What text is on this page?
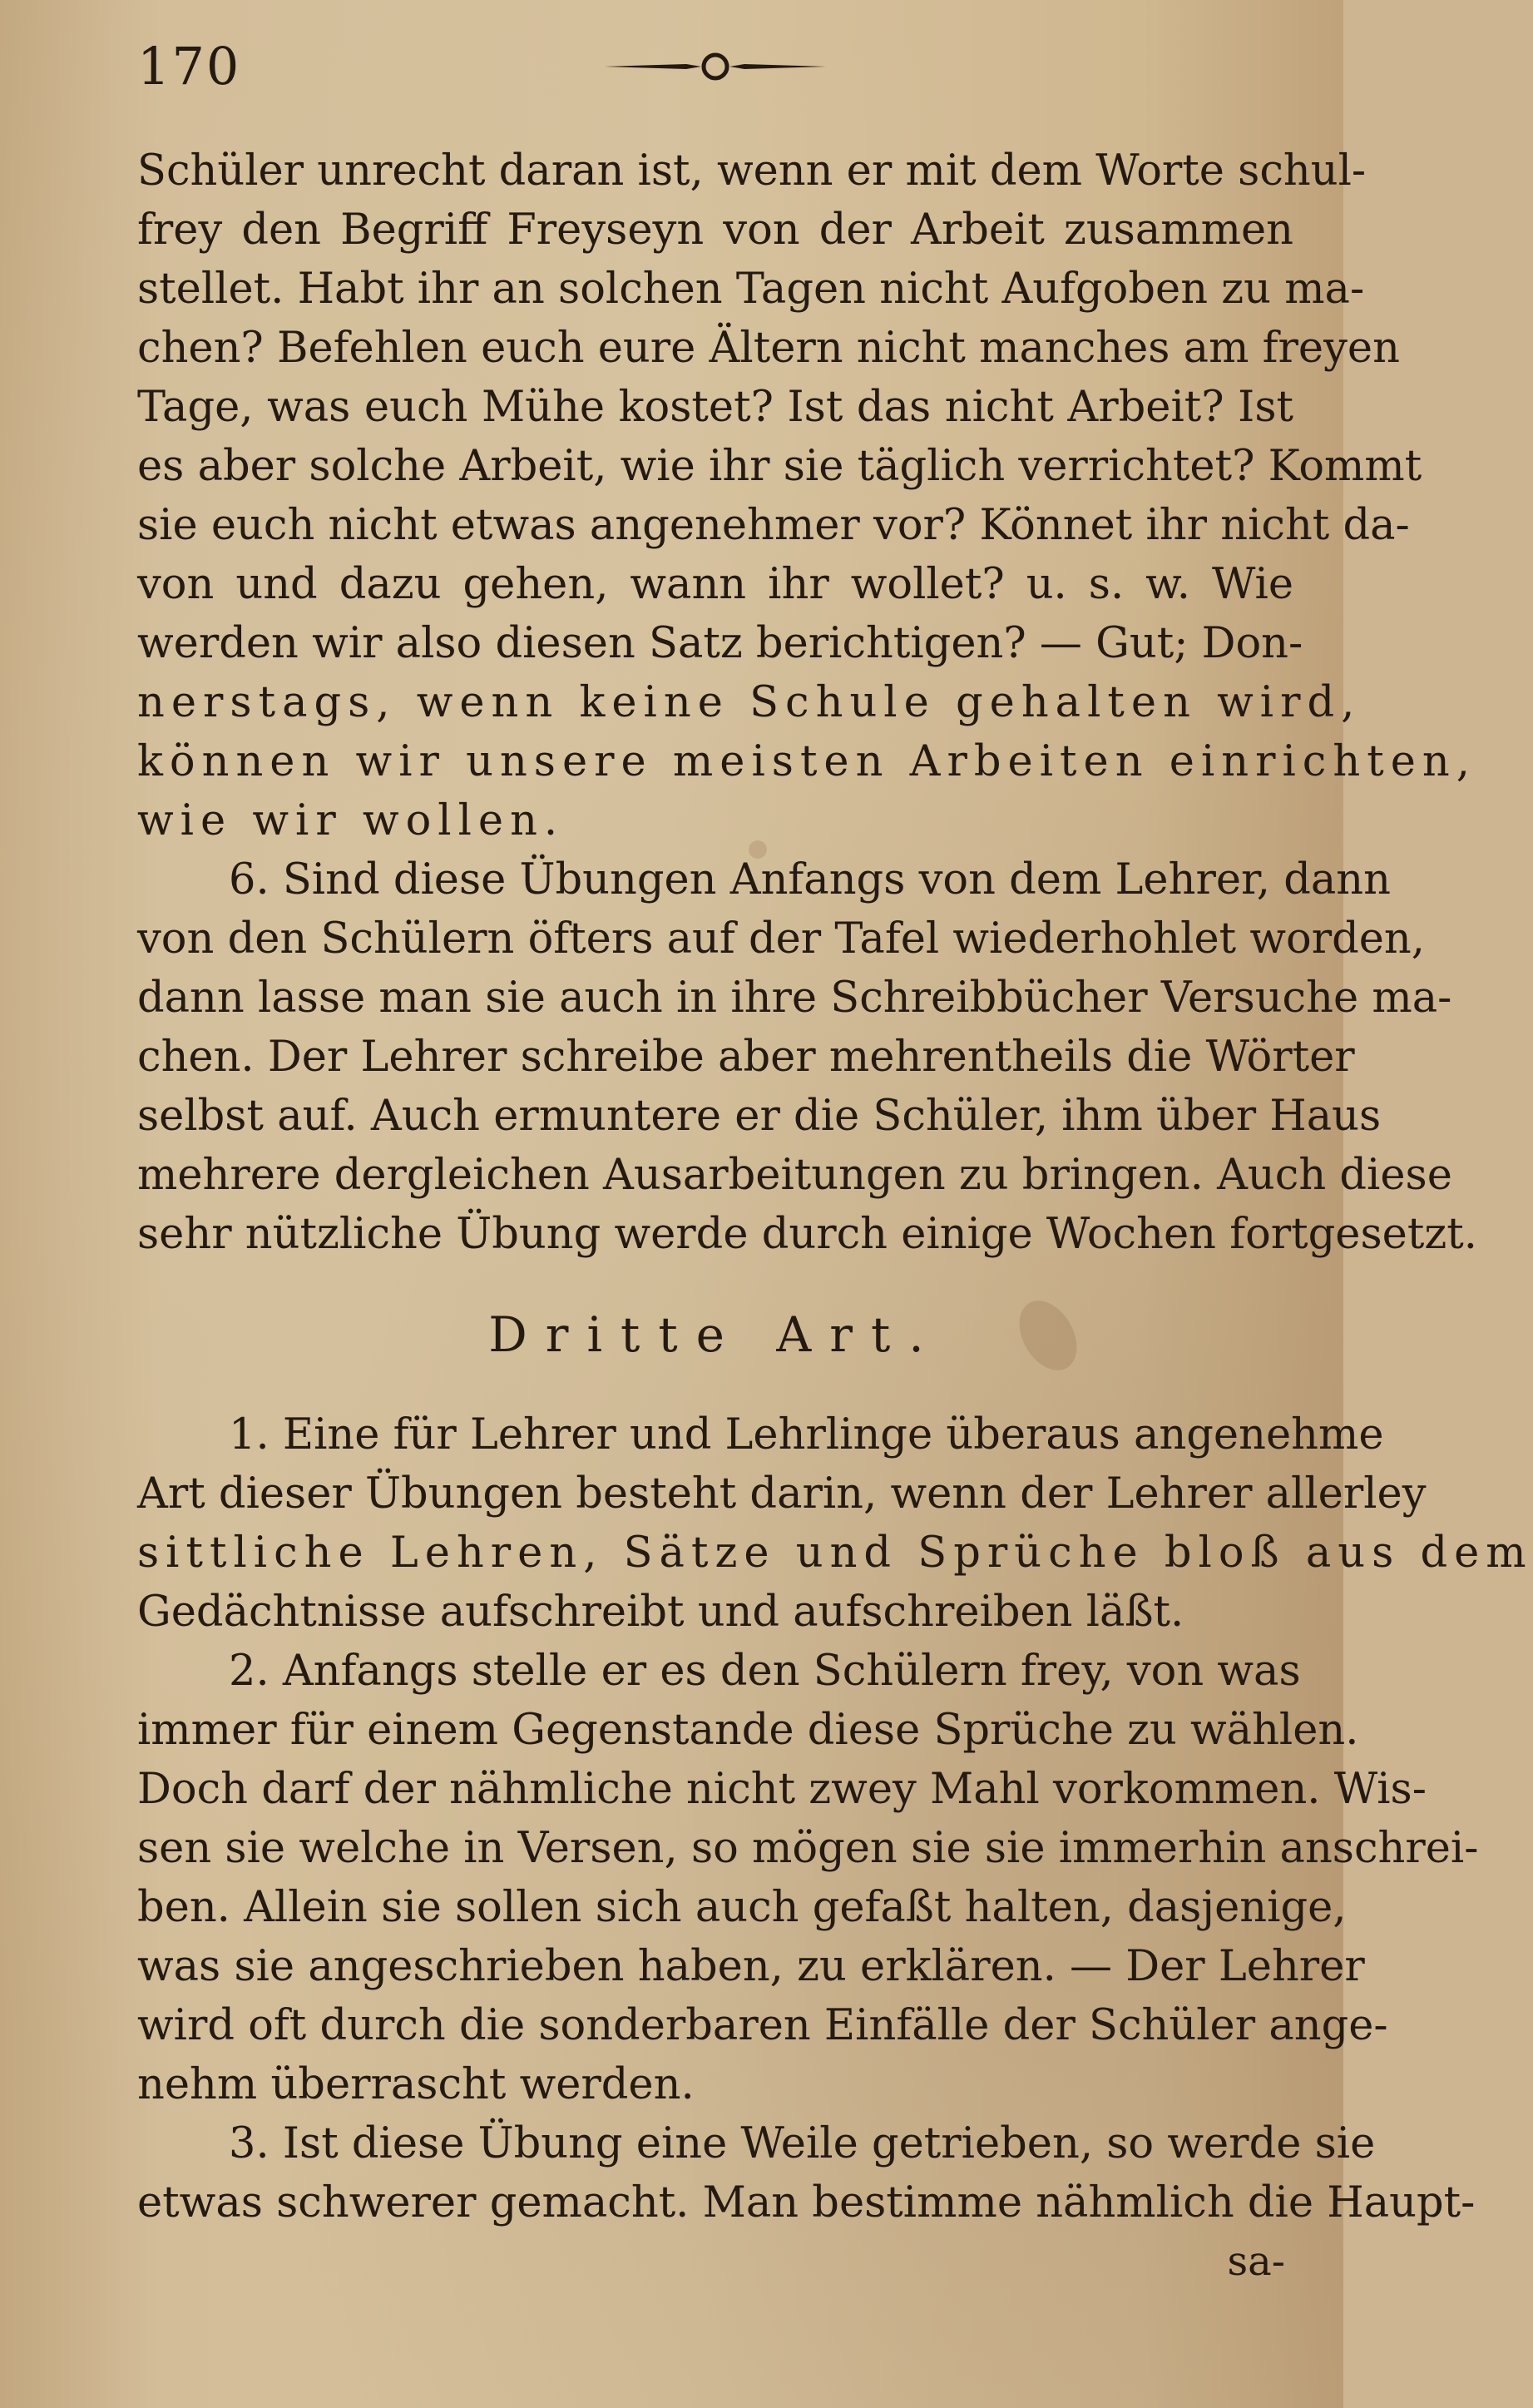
170
Schüler unrecht daran ist, wenn er mit dem Worte schul-
frey den Begriff Freyseyn von der Arbeit zusammen
stellet. Habt ihr an solchen Tagen nicht Aufgoben zu ma-
chen? Befehlen euch eure Ältern nicht manches am freyen
Tage, was euch Mühe kostet? Ist das nicht Arbeit? Ist
es aber solche Arbeit, wie ihr sie täglich verrichtet? Kommt
sie euch nicht etwas angenehmer vor? Könnet ihr nicht da-
von und dazu gehen, wann ihr wollet? u. s. w. Wie
werden wir also diesen Satz berichtigen? — Gut; Don-
nerstags, wenn keine Schule gehalten wird,
können wir unsere meisten Arbeiten einrichten,
wie wir wollen.
6. Sind diese Übungen Anfangs von dem Lehrer, dann
von den Schülern öfters auf der Tafel wiederhohlet worden,
dann lasse man sie auch in ihre Schreibbücher Versuche ma-
chen. Der Lehrer schreibe aber mehrentheils die Wörter
selbst auf. Auch ermuntere er die Schüler, ihm über Haus
mehrere dergleichen Ausarbeitungen zu bringen. Auch diese
sehr nützliche Übung werde durch einige Wochen fortgesetzt.
Dritte Art.
1. Eine für Lehrer und Lehrlinge überaus angenehme
Art dieser Übungen besteht darin, wenn der Lehrer allerley
sittliche Lehren, Sätze und Sprüche bloß aus dem
Gedächtnisse aufschreibt und aufschreiben läßt.
2. Anfangs stelle er es den Schülern frey, von was
immer für einem Gegenstande diese Sprüche zu wählen.
Doch darf der nähmliche nicht zwey Mahl vorkommen. Wis-
sen sie welche in Versen, so mögen sie sie immerhin anschrei-
ben. Allein sie sollen sich auch gefaßt halten, dasjenige,
was sie angeschrieben haben, zu erklären. — Der Lehrer
wird oft durch die sonderbaren Einfälle der Schüler ange-
nehm überrascht werden.
3. Ist diese Übung eine Weile getrieben, so werde sie
etwas schwerer gemacht. Man bestimme nähmlich die Haupt-
sa-
